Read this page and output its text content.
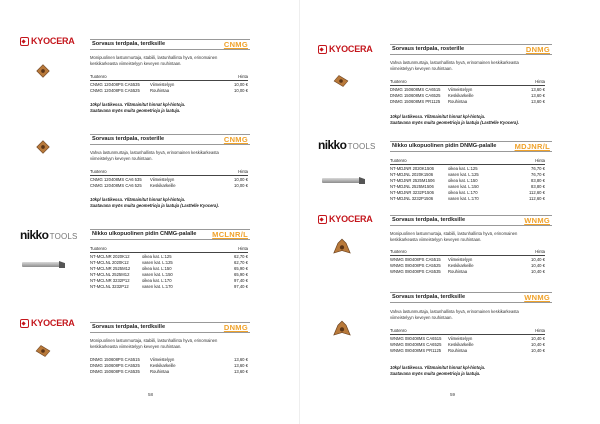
KYOCERA	Sorvaus terdpala, terdksille	CNMG
Monipuolinen lastunmurtaja, stabiili, lastunhallinta hyvä, erinomainen
keskikarkeasta viimeistelyyn keveyen rouhintaan.
Tuotenro	Hinta
CNMG 120408PS CA5535	Viimeistelyyn	10,00 €
CNMG 120408PS CA5525	Rouhintaa	10,00 €
10kpl lastikessa. Yllämainitut hinnat kpl-hintoja.
Saatavana myös muita geometrioja ja laatuja.
Sorvaus terdpala, rosterille	CNMG
Vahva lastunmurtaja, lastunhallinta hyvä, erinomainen keskikarkeasta
viimeistelyyn keveyen rouhintaan.
Tuotenro	Hinta
CNMG 120408MS CA6 535	Viimeistelyyn	10,00 €
CNMG 120408MS CA6 525	Keskikarkeille	10,00 €
10kpl lastikessa. Yllämainitut hinnat kpl-hintoja.
Saatavana myös muita geometrioja ja laatuja (Lasttelle Kyocera).
nikko TOOLS	Nikko ulkopuolinen pidin CNMG-palalle MCLNR/L
Tuotenro	Hinta
NT-MCLNR 2020K12	oikea kat. L:125	62,70 €
NT-MCLNL 2020K12	vasen kat. L:125	62,70 €
NT-MCLNR 2525M12	oikea kat. L:150	65,90 €
NT-MCLNL 2525M12	vasen kat. L:150	65,90 €
NT-MCLNR 3232P12	oikea kat. L:170	97,40 €
NT-MCLNL 3232P12	vasen kat. L:170	97,40 €
KYOCERA	Sorvaus terdpala, terdksille	DNMG
Monipuolinen lastunmurtaja, stabiili, lastunhallinta hyvä, erinomainen
keskikarkeasta viimeistelyyn keveyen rouhintaan.
DNMG 150608PS CA5515	Viimeistelyyn	13,60 €
DNMG 150608PS CA5525	Keskikarkeille	13,60 €
DNMG 150608PS CA5535	Rouhintaa	13,60 €
58
KYOCERA	Sorvaus terdpala, rosterille	DNMG
Vahva lastunmurtaja, lastunhallinta hyvä, erinomainen keskikarkeasta
viimeistelyyn keveyen rouhintaan.
Tuotenro	Hinta
DNMG 150608MS CA6515	Viimeistelyyn	13,60 €
DNMG 150608MS CA6525	Keskikarkeille	13,60 €
DNMG 150608MS PR1125	Rouhintaa	13,60 €
10kpl lastikessa. Yllämainitut hinnat kpl-hintoja.
Saatavana myös muita geometrioja ja laatuja (Lasttelle Kyocera).
nikko TOOLS	Nikko ulkopuolinen pidin DNMG-palalle MDJNR/L
Tuotenro	Hinta
NT-MDJNR 2020K1506	oikea kat. L:125	76,70 €
NT-MDJNL 2020K1506	vasen kat. L:125	76,70 €
NT-MDJNR 2525M1506	oikea kat. L:150	83,80 €
NT-MDJNL 2525M1506	vasen kat. L:150	83,80 €
NT-MDJNR 3232P1506	oikea kat. L:170	112,60 €
NT-MDJNL 3232P1506	vasen kat. L:170	112,60 €
KYOCERA	Sorvaus terdpala, terdksille	WNMG
Monipuolinen lastunmurtaja, stabiili, lastunhallinta hyvä, erinomainen
keskikarkeasta viimeistelyyn keveyen rouhintaan.
Tuotenro	Hinta
WNMG 080408PS CA5515	Viimeistelyyn	10,40 €
WNMG 080408PS CA5525	Keskikarkeille	10,40 €
WNMG 080408PS CA5535	Rouhintaa	10,40 €
Sorvaus terdpala, terdksille	WNMG
Vahva lastunmurtaja, lastunhallinta hyvä, erinomainen keskikarkeasta
viimeistelyyn keveyen rouhintaan.
Tuotenro	Hinta
WNMG 080408MS CA6515	Viimeistelyyn	10,40 €
WNMG 080408MS CA6525	Keskikarkeille	10,40 €
WNMG 080408MS PR1125	Rouhintaa	10,40 €
10kpl lastikessa. Yllämainitut hinnat kpl-hintoja.
Saatavana myös muita geometrioja ja laatuja.
59
